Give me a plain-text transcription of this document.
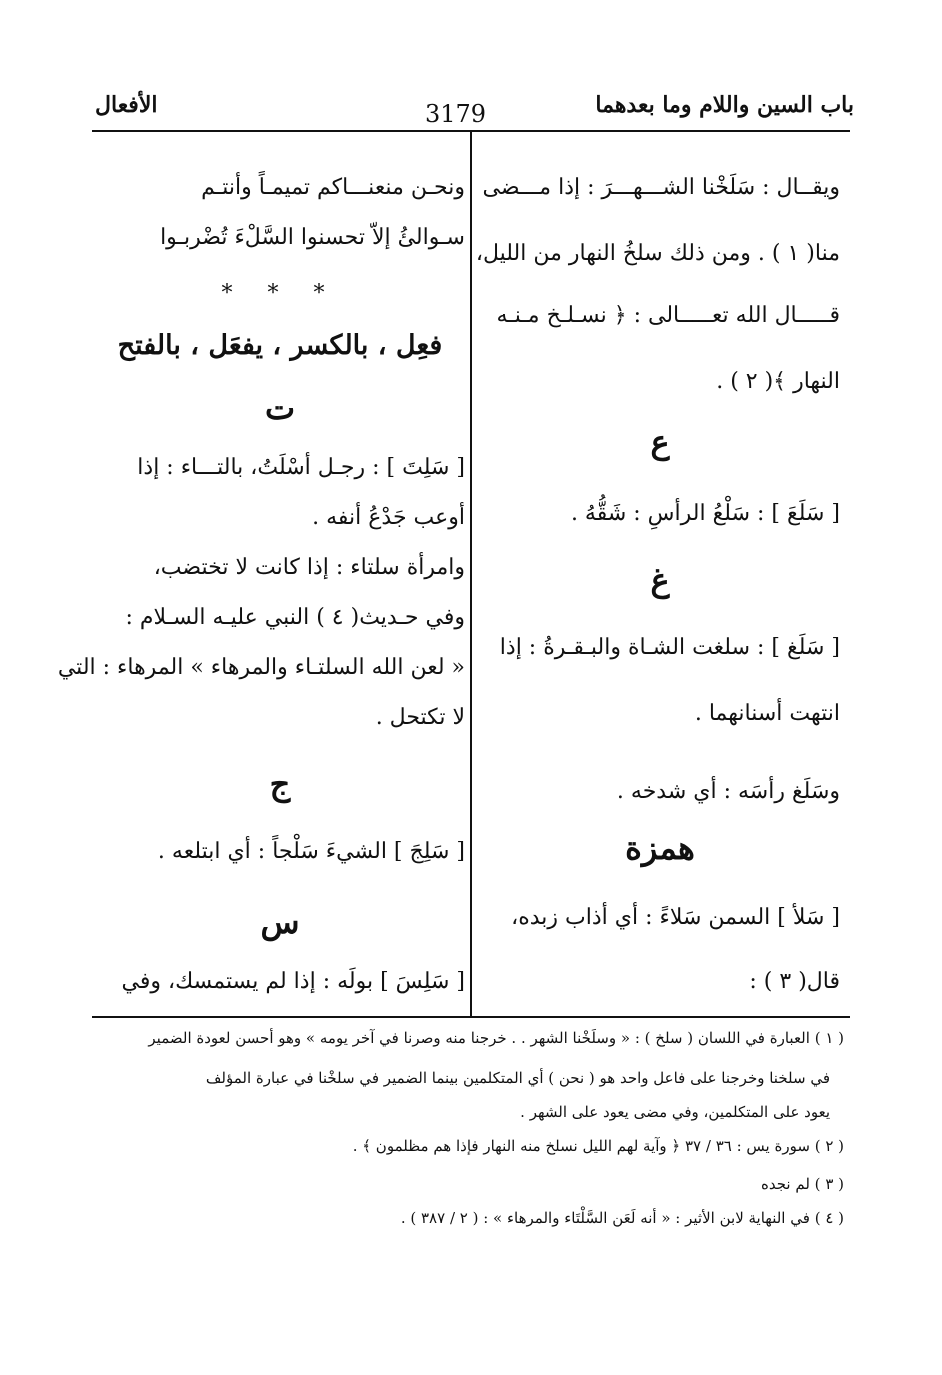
باب السين واللام وما بعدهما
3179
الأفعال
ويقــال : سَلَخْنا الشـــهـــرَ : إذا مـــضى
منا( ١ ) . ومن ذلك سلخُ النهار من الليل،
قـــــال الله تعـــــالى : ﴿ نسـلـخ مـنـه
النهار ﴾( ٢ ) .
ع
[ سَلَعَ ] : سَلْعُ الرأسِ : شَقُّهُ .
غ
[ سَلَغ ] : سلغت الشـاة والبـقـرةُ : إذا
انتهت أسنانهما .
وسَلَغ رأسَه : أي شدخه .
همزة
[ سَلأ ] السمن سَلاءً : أي أذاب زبده،
قال( ٣ ) :
ونحـن منعنـــاكم تميمـاً وأنتـم
سـوالئُ إلاّ تحسنوا السَّلْءَ تُضْربـوا
* * *
فعِل ، بالكسر ، يفعَل ، بالفتح
ت
[ سَلِتَ ] : رجـل أسْلَتُ، بالتـــاء : إذا
أوعب جَدْعُ أنفه .
وامرأة سلتاء : إذا كانت لا تختضب،
وفي حـديث( ٤ ) النبي عليـه السـلام :
« لعن الله السلتـاء والمرهاء » المرهاء : التي
لا تكتحل .
ج
[ سَلِجَ ] الشيءَ سَلْجاً : أي ابتلعه .
س
[ سَلِسَ ] بولَه : إذا لم يستمسك، وفي
( ١ ) العبارة في اللسان ( سلخ ) : « وسلَخْنا الشهر . . خرجنا منه وصرنا في آخر يومه » وهو أحسن لعودة الضمير
في سلخنا وخرجنا على فاعل واحد هو ( نحن ) أي المتكلمين بينما الضمير في سلخْنا في عبارة المؤلف
يعود على المتكلمين، وفي مضى يعود على الشهر .
( ٢ ) سورة يس : ٣٦ / ٣٧ ﴿ وآية لهم الليل نسلخ منه النهار فإذا هم مظلمون ﴾ .
( ٣ ) لم نجده
( ٤ ) في النهاية لابن الأثير : « أنه لَعَن السَّلْتَاء والمرهاء » : ( ٢ / ٣٨٧ ) .
